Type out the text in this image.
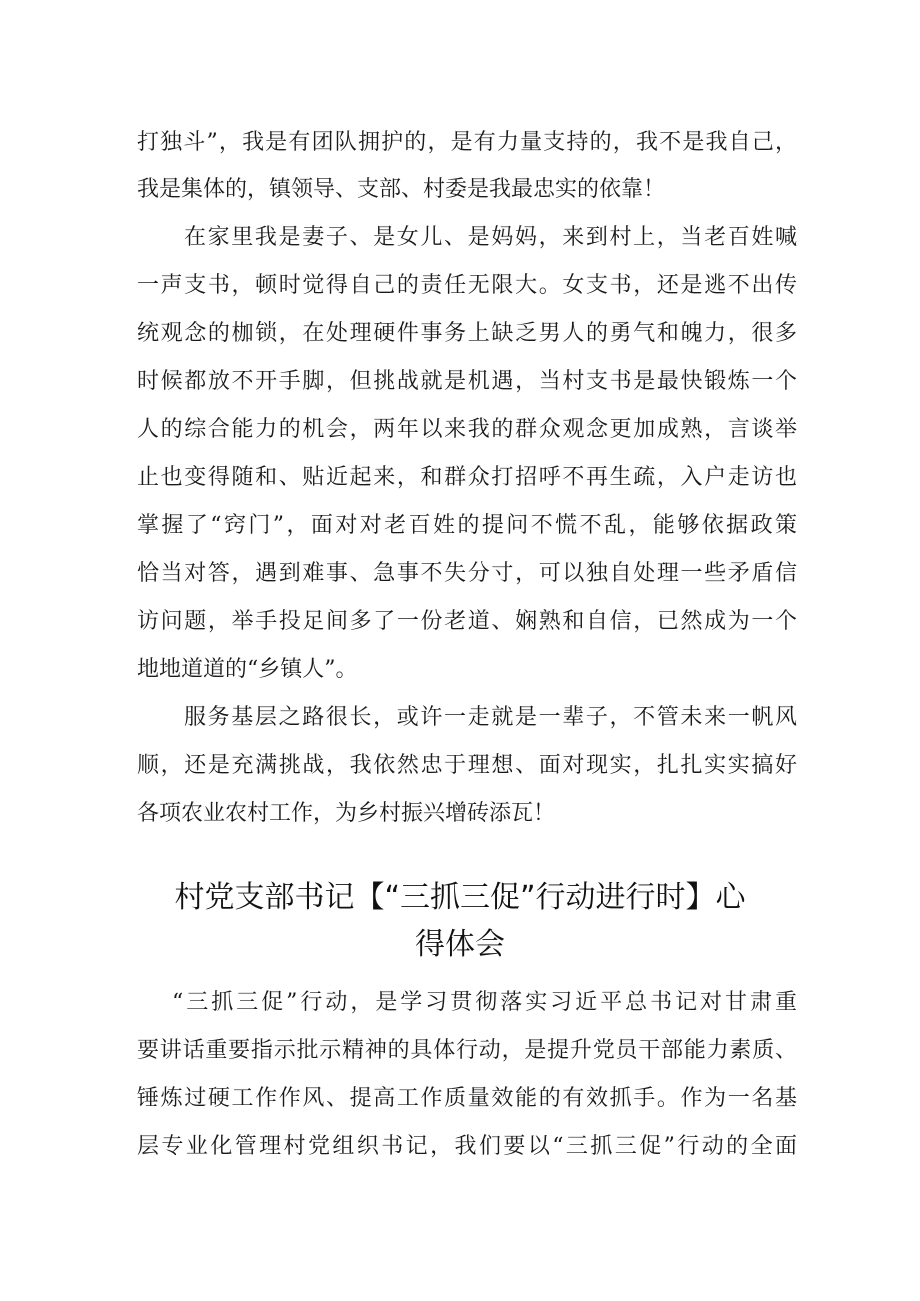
打独斗”，我是有团队拥护的，是有力量支持的，我不是我自己，
我是集体的，镇领导、支部、村委是我最忠实的依靠！
在家里我是妻子、是女儿、是妈妈，来到村上，当老百姓喊
一声支书，顿时觉得自己的责任无限大。女支书，还是逃不出传
统观念的枷锁，在处理硬件事务上缺乏男人的勇气和魄力，很多
时候都放不开手脚，但挑战就是机遇，当村支书是最快锻炼一个
人的综合能力的机会，两年以来我的群众观念更加成熟，言谈举
止也变得随和、贴近起来，和群众打招呼不再生疏，入户走访也
掌握了“窍门”，面对对老百姓的提问不慌不乱，能够依据政策
恰当对答，遇到难事、急事不失分寸，可以独自处理一些矛盾信
访问题，举手投足间多了一份老道、娴熟和自信，已然成为一个
地地道道的“乡镇人”。
服务基层之路很长，或许一走就是一辈子，不管未来一帆风
顺，还是充满挑战，我依然忠于理想、面对现实，扎扎实实搞好
各项农业农村工作，为乡村振兴增砖添瓦！
村党支部书记【“三抓三促”行动进行时】心
得体会
“三抓三促”行动，是学习贯彻落实习近平总书记对甘肃重
要讲话重要指示批示精神的具体行动，是提升党员干部能力素质、
锤炼过硬工作作风、提高工作质量效能的有效抓手。作为一名基
层专业化管理村党组织书记，我们要以“三抓三促”行动的全面
